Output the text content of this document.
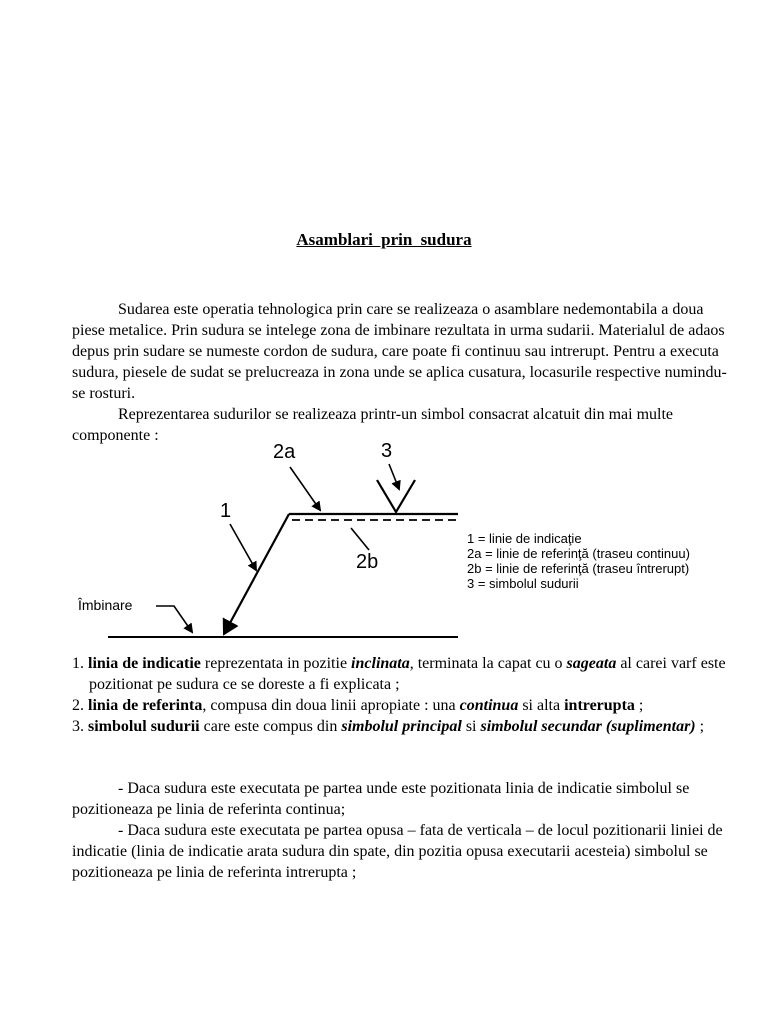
Asamblari prin sudura

Sudarea este operatia tehnologica prin care se realizeaza o asamblare nedemontabila a doua piese metalice. Prin sudura se intelege zona de imbinare rezultata in urma sudarii. Materialul de adaos depus prin sudare se numeste cordon de sudura, care poate fi continuu sau intrerupt. Pentru a executa sudura, piesele de sudat se prelucreaza in zona unde se aplica cusatura, locasurile respective numindu-se rosturi.

Reprezentarea sudurilor se realizeaza printr-un simbol consacrat alcatuit din mai multe componente :

1
2a	3
2b
Îmbinare
1 = linie de indicaţie
2a = linie de referinţă (traseu continuu)
2b = linie de referinţă (traseu întrerupt)
3 = simbolul sudurii
1. linia de indicatie reprezentata in pozitie inclinata, terminata la capat cu o sageata al carei varf este pozitionat pe sudura ce se doreste a fi explicata ;
2. linia de referinta, compusa din doua linii apropiate : una continua si alta intrerupta ;
3. simbolul sudurii care este compus din simbolul principal si simbolul secundar (suplimentar) ;

- Daca sudura este executata pe partea unde este pozitionata linia de indicatie simbolul se pozitioneaza pe linia de referinta continua;

- Daca sudura este executata pe partea opusa – fata de verticala – de locul pozitionarii liniei de indicatie (linia de indicatie arata sudura din spate, din pozitia opusa executarii acesteia) simbolul se pozitioneaza pe linia de referinta intrerupta ;
